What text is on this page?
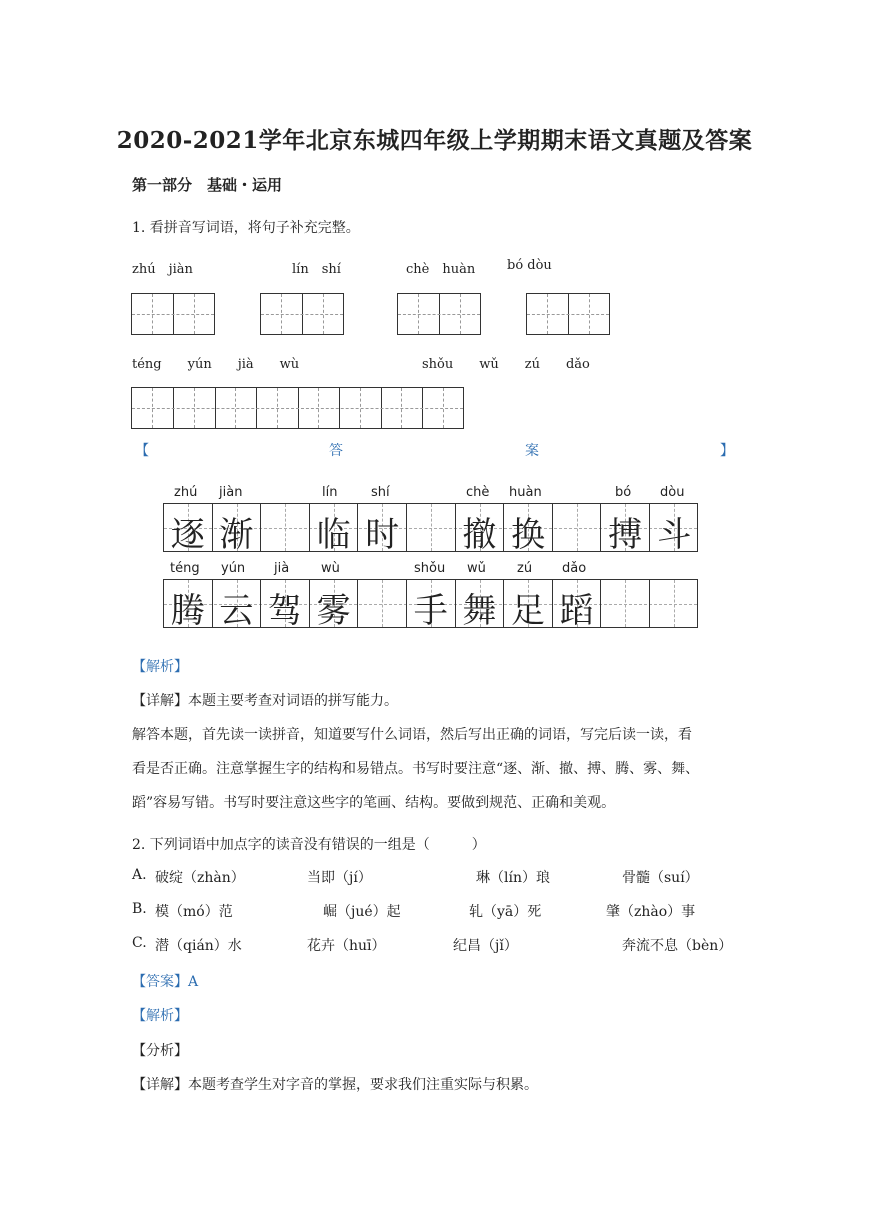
2020-2021学年北京东城四年级上学期期末语文真题及答案
第一部分　基础・运用
1. 看拼音写词语，将句子补充完整。
zhú　jiàn	lín　shí	chè　huàn bó dòu
téng　　yún　　jià　　wù	shǒu　　wǔ　　zú　　dǎo
【	答	案	】
zhú jiàn	lín	shí	chè huàn	bó dòu
逐 渐 临 时 撤 换 搏 斗
téng yún jià wù	shǒu wǔ zú dǎo
腾 云 驾 雾 手 舞 足 蹈
【解析】
【详解】本题主要考查对词语的拼写能力。
解答本题，首先读一读拼音，知道要写什么词语，然后写出正确的词语，写完后读一读，看
看是否正确。注意掌握生字的结构和易错点。书写时要注意“逐、渐、撤、搏、腾、雾、舞、
蹈”容易写错。书写时要注意这些字的笔画、结构。要做到规范、正确和美观。
2. 下列词语中加点字的读音没有错误的一组是（　　　）
A. 破绽（zhàn）	当即（jí）	琳（lín）琅	骨髓（suí）
B. 模（mó）范	崛（jué）起	轧（yā）死	肇（zhào）事
C. 潜（qián）水	花卉（huī）	纪昌（jǐ）	奔流不息（bèn）
【答案】A
【解析】
【分析】
【详解】本题考查学生对字音的掌握，要求我们注重实际与积累。
